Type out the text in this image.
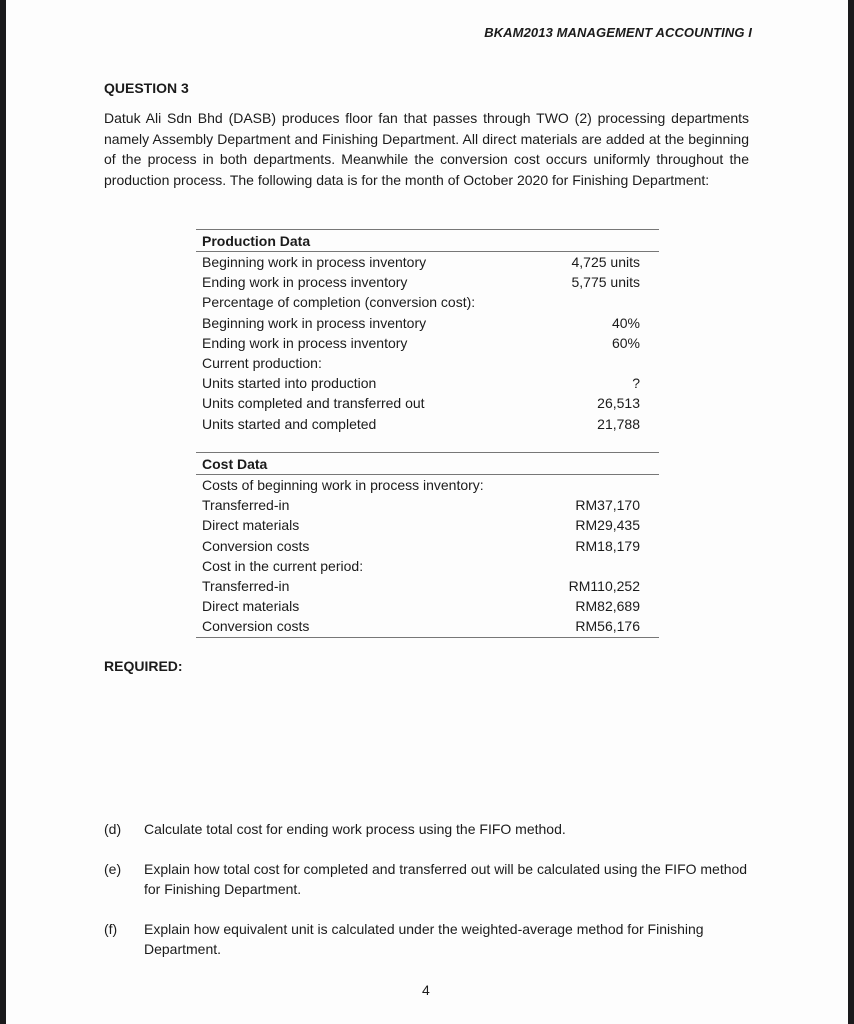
BKAM2013 MANAGEMENT ACCOUNTING I
QUESTION 3
Datuk Ali Sdn Bhd (DASB) produces floor fan that passes through TWO (2) processing departments namely Assembly Department and Finishing Department. All direct materials are added at the beginning of the process in both departments. Meanwhile the conversion cost occurs uniformly throughout the production process. The following data is for the month of October 2020 for Finishing Department:
Production Data	
Beginning work in process inventory	4,725 units
Ending work in process inventory	5,775 units
Percentage of completion (conversion cost):	
Beginning work in process inventory	40%
Ending work in process inventory	60%
Current production:	
Units started into production	?
Units completed and transferred out	26,513
Units started and completed	21,788
Cost Data	
Costs of beginning work in process inventory:	
Transferred-in	RM37,170
Direct materials	RM29,435
Conversion costs	RM18,179
Cost in the current period:	
Transferred-in	RM110,252
Direct materials	RM82,689
Conversion costs	RM56,176
REQUIRED:
(d) Calculate total cost for ending work process using the FIFO method.
(e) Explain how total cost for completed and transferred out will be calculated using the FIFO method for Finishing Department.
(f) Explain how equivalent unit is calculated under the weighted-average method for Finishing Department.
4
